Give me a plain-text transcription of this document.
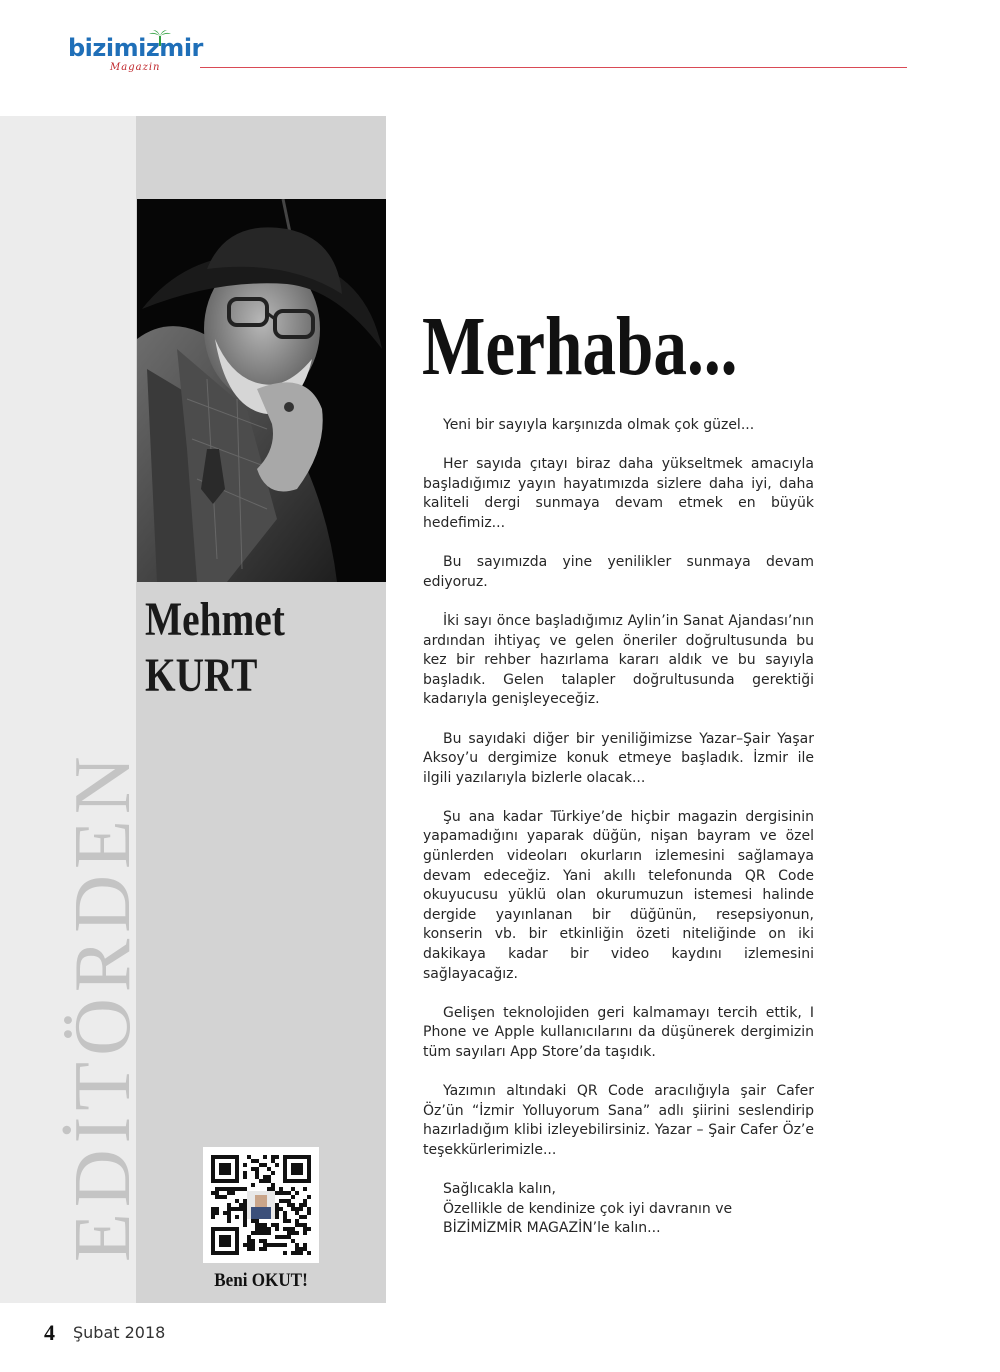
bizimizmir
Magazin
EDİTÖRDEN
Mehmet
KURT
Beni OKUT!
Merhaba...

Yeni bir sayıyla karşınızda olmak çok güzel...

Her sayıda çıtayı biraz daha yükseltmek amacıyla başladığımız yayın hayatımızda sizlere daha iyi, daha kaliteli dergi sunmaya devam etmek en büyük hedefimiz...

Bu sayımızda yine yenilikler sunmaya devam ediyoruz.

İki sayı önce başladığımız Aylin’in Sanat Ajandası’nın ardından ihtiyaç ve gelen öneriler doğrultusunda bu kez bir rehber hazırlama kararı aldık ve bu sayıyla başladık. Gelen talapler doğrultusunda gerektiği kadarıyla genişleyeceğiz.

Bu sayıdaki diğer bir yeniliğimizse Yazar–Şair Yaşar Aksoy’u dergimize konuk etmeye başladık. İzmir ile ilgili yazılarıyla bizlerle olacak...

Şu ana kadar Türkiye’de hiçbir magazin dergisinin yapamadığını yaparak düğün, nişan bayram ve özel günlerden videoları okurların izlemesini sağlamaya devam edeceğiz. Yani akıllı telefonunda QR Code okuyucusu yüklü olan okurumuzun istemesi halinde dergide yayınlanan bir düğünün, resepsiyonun, konserin vb. bir etkinliğin özeti niteliğinde on iki dakikaya kadar bir video kaydını izlemesini sağlayacağız.

Gelişen teknolojiden geri kalmamayı tercih ettik, I Phone ve Apple kullanıcılarını da düşünerek dergimizin tüm sayıları App Store’da taşıdık.

Yazımın altındaki QR Code aracılığıyla şair Cafer Öz’ün “İzmir Yolluyorum Sana” adlı şiirini seslendirip hazırladığım klibi izleyebilirsiniz. Yazar – Şair Cafer Öz’e teşekkürlerimizle...

Sağlıcakla kalın,
Özellikle de kendinize çok iyi davranın ve
BİZİMİZMİR MAGAZİN’le kalın...

4 Şubat 2018
